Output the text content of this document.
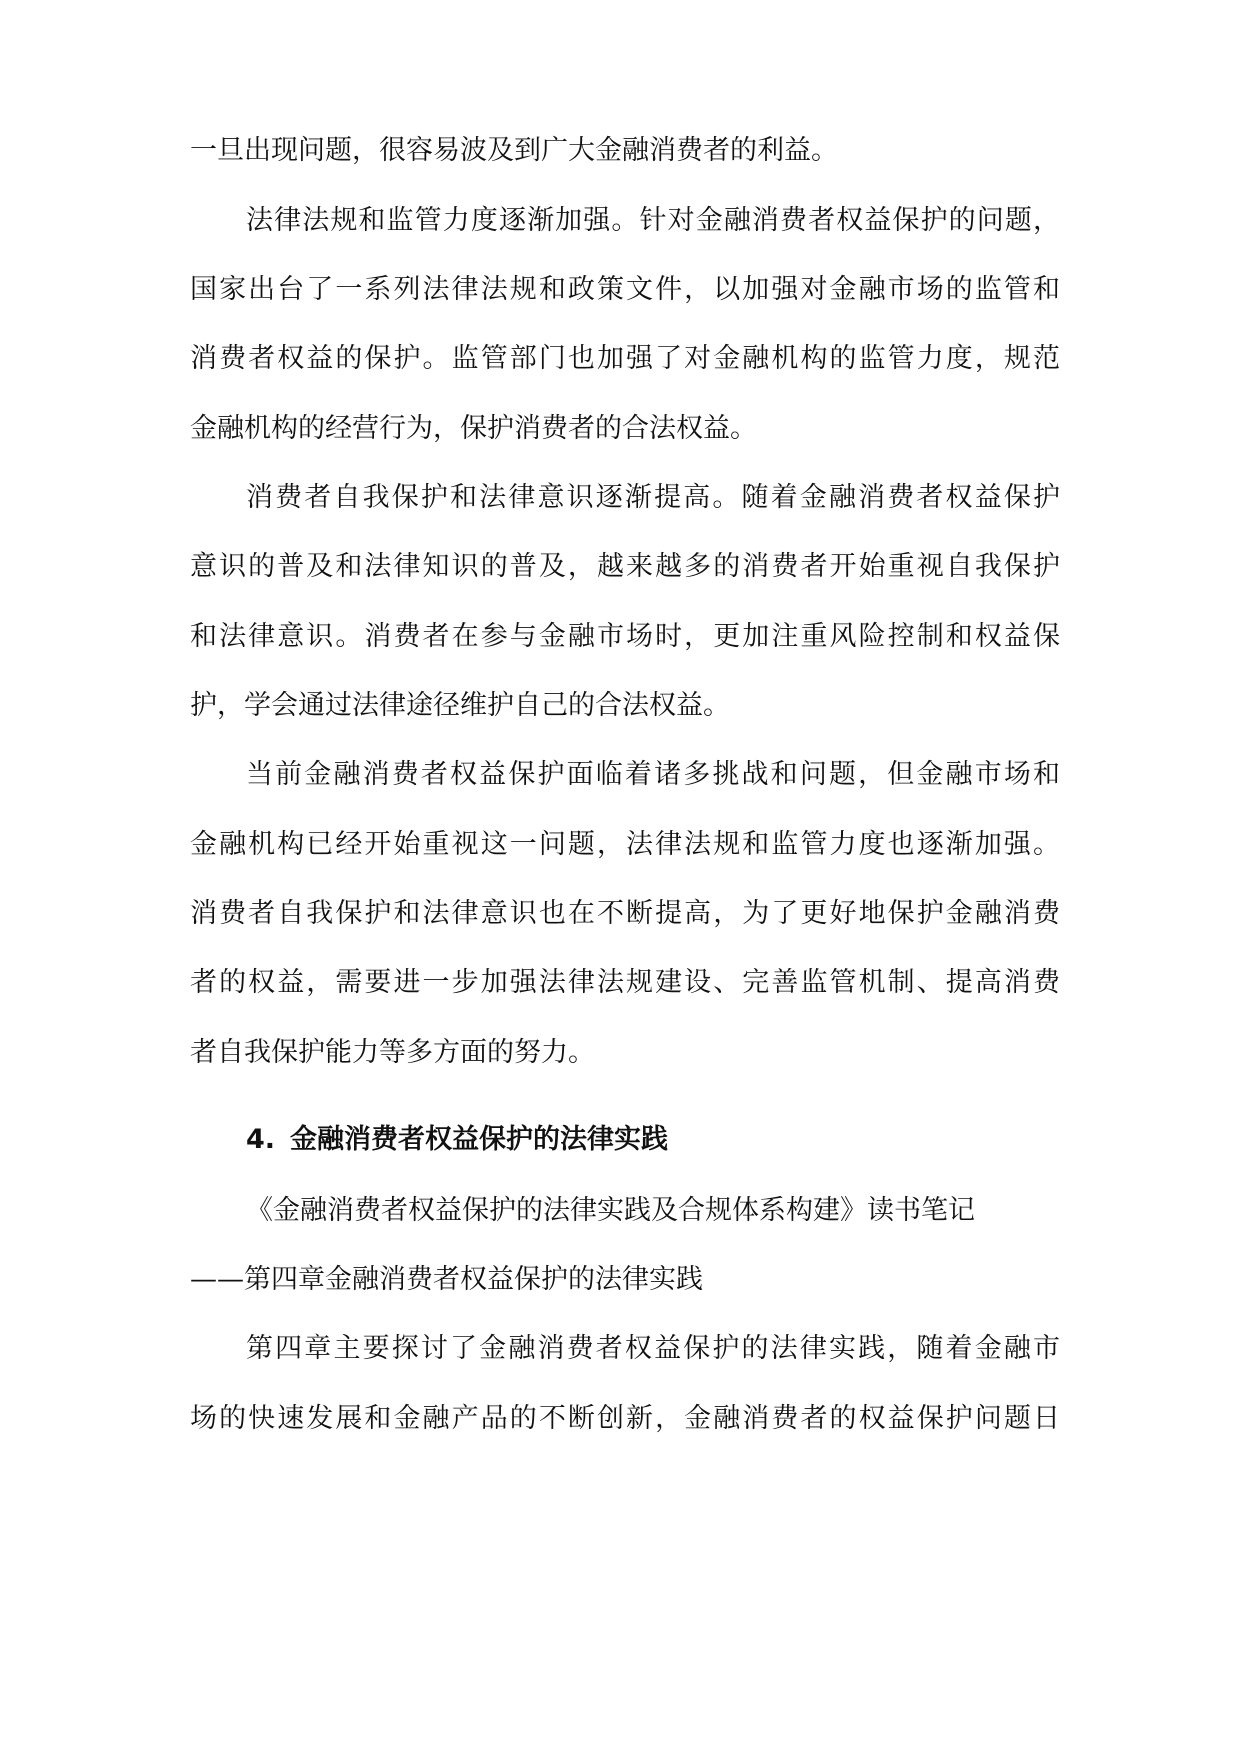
一旦出现问题，很容易波及到广大金融消费者的利益。
法律法规和监管力度逐渐加强。针对金融消费者权益保护的问题，
国家出台了一系列法律法规和政策文件，以加强对金融市场的监管和
消费者权益的保护。监管部门也加强了对金融机构的监管力度，规范
金融机构的经营行为，保护消费者的合法权益。
消费者自我保护和法律意识逐渐提高。随着金融消费者权益保护
意识的普及和法律知识的普及，越来越多的消费者开始重视自我保护
和法律意识。消费者在参与金融市场时，更加注重风险控制和权益保
护，学会通过法律途径维护自己的合法权益。
当前金融消费者权益保护面临着诸多挑战和问题，但金融市场和
金融机构已经开始重视这一问题，法律法规和监管力度也逐渐加强。
消费者自我保护和法律意识也在不断提高，为了更好地保护金融消费
者的权益，需要进一步加强法律法规建设、完善监管机制、提高消费
者自我保护能力等多方面的努力。
4. 金融消费者权益保护的法律实践
《金融消费者权益保护的法律实践及合规体系构建》读书笔记
——第四章金融消费者权益保护的法律实践
第四章主要探讨了金融消费者权益保护的法律实践，随着金融市
场的快速发展和金融产品的不断创新，金融消费者的权益保护问题日
